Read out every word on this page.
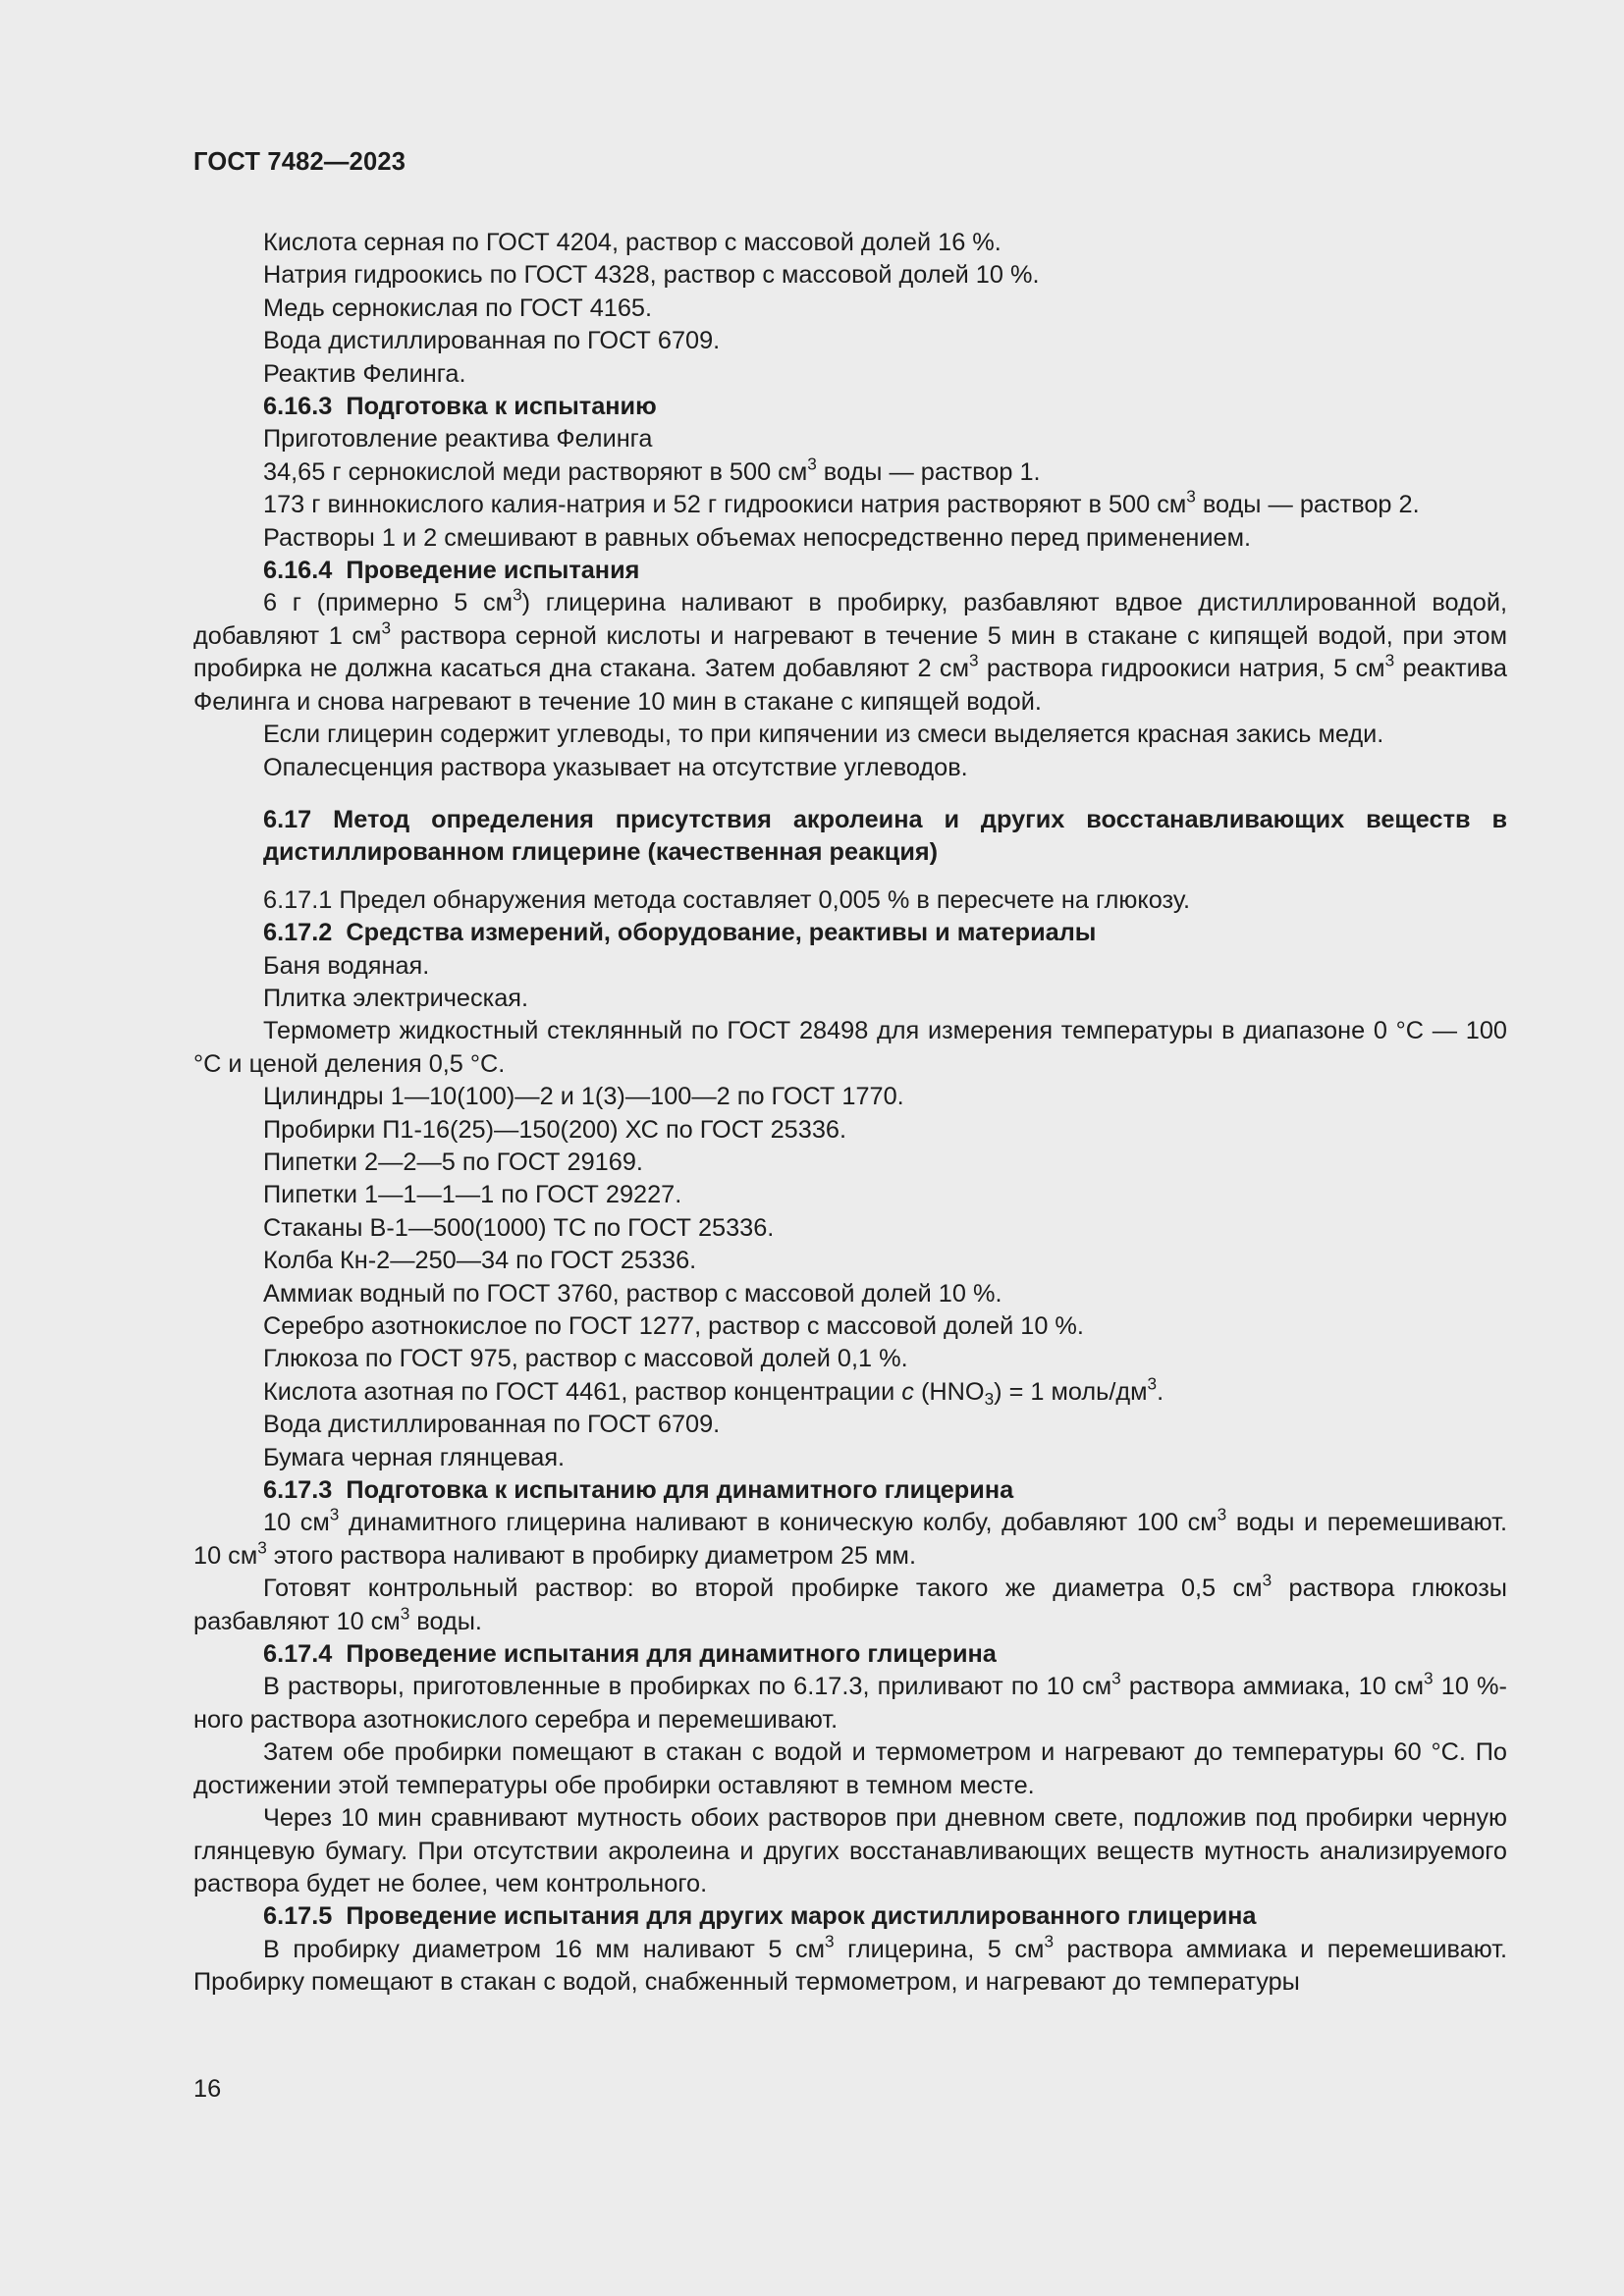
ГОСТ 7482—2023

Кислота серная по ГОСТ 4204, раствор с массовой долей 16 %.

Натрия гидроокись по ГОСТ 4328, раствор с массовой долей 10 %.

Медь сернокислая по ГОСТ 4165.

Вода дистиллированная по ГОСТ 6709.

Реактив Фелинга.

6.16.3 Подготовка к испытанию

Приготовление реактива Фелинга

34,65 г сернокислой меди растворяют в 500 $см^3$ воды — раствор 1.

173 г виннокислого калия-натрия и 52 г гидроокиси натрия растворяют в 500 $см^3$ воды — раствор 2.

Растворы 1 и 2 смешивают в равных объемах непосредственно перед применением.

6.16.4 Проведение испытания

6 г (примерно 5 $см^3$) глицерина наливают в пробирку, разбавляют вдвое дистиллированной водой, добавляют 1 $см^3$ раствора серной кислоты и нагревают в течение 5 мин в стакане с кипящей водой, при этом пробирка не должна касаться дна стакана. Затем добавляют 2 $см^3$ раствора гидроокиси натрия, 5 $см^3$ реактива Фелинга и снова нагревают в течение 10 мин в стакане с кипящей водой.

Если глицерин содержит углеводы, то при кипячении из смеси выделяется красная закись меди.

Опалесценция раствора указывает на отсутствие углеводов.

6.17 Метод определения присутствия акролеина и других восстанавливающих веществ в дистиллированном глицерине (качественная реакция)

6.17.1 Предел обнаружения метода составляет 0,005 % в пересчете на глюкозу.

6.17.2 Средства измерений, оборудование, реактивы и материалы

Баня водяная.

Плитка электрическая.

Термометр жидкостный стеклянный по ГОСТ 28498 для измерения температуры в диапазоне 0 °С — 100 °С и ценой деления 0,5 °С.

Цилиндры 1—10(100)—2 и 1(3)—100—2 по ГОСТ 1770.

Пробирки П1-16(25)—150(200) ХС по ГОСТ 25336.

Пипетки 2—2—5 по ГОСТ 29169.

Пипетки 1—1—1—1 по ГОСТ 29227.

Стаканы В-1—500(1000) ТС по ГОСТ 25336.

Колба Кн-2—250—34 по ГОСТ 25336.

Аммиак водный по ГОСТ 3760, раствор с массовой долей 10 %.

Серебро азотнокислое по ГОСТ 1277, раствор с массовой долей 10 %.

Глюкоза по ГОСТ 975, раствор с массовой долей 0,1 %.

Кислота азотная по ГОСТ 4461, раствор концентрации c $(HNO_3) = 1$ моль/$дм^3$.

Вода дистиллированная по ГОСТ 6709.

Бумага черная глянцевая.

6.17.3 Подготовка к испытанию для динамитного глицерина

10 $см^3$ динамитного глицерина наливают в коническую колбу, добавляют 100 $см^3$ воды и перемешивают. 10 $см^3$ этого раствора наливают в пробирку диаметром 25 мм.

Готовят контрольный раствор: во второй пробирке такого же диаметра 0,5 $см^3$ раствора глюкозы разбавляют 10 $см^3$ воды.

6.17.4 Проведение испытания для динамитного глицерина

В растворы, приготовленные в пробирках по 6.17.3, приливают по 10 $см^3$ раствора аммиака, 10 $см^3$ 10 %-ного раствора азотнокислого серебра и перемешивают.

Затем обе пробирки помещают в стакан с водой и термометром и нагревают до температуры 60 °С. По достижении этой температуры обе пробирки оставляют в темном месте.

Через 10 мин сравнивают мутность обоих растворов при дневном свете, подложив под пробирки черную глянцевую бумагу. При отсутствии акролеина и других восстанавливающих веществ мутность анализируемого раствора будет не более, чем контрольного.

6.17.5 Проведение испытания для других марок дистиллированного глицерина

В пробирку диаметром 16 мм наливают 5 $см^3$ глицерина, 5 $см^3$ раствора аммиака и перемешивают. Пробирку помещают в стакан с водой, снабженный термометром, и нагревают до температуры

16
